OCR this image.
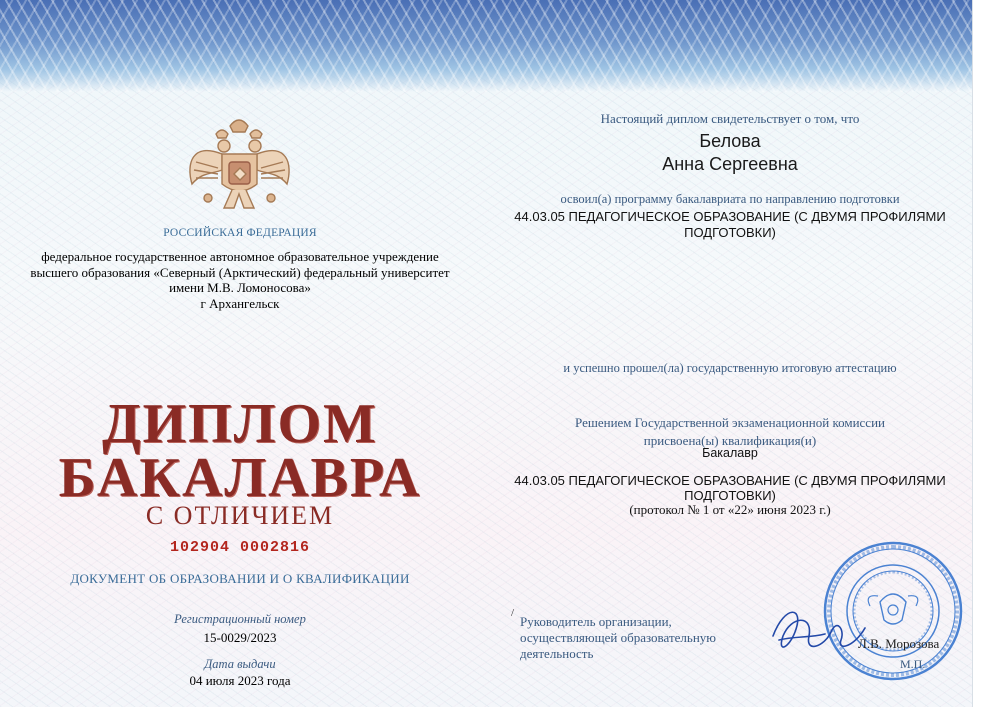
РОССИЙСКАЯ ФЕДЕРАЦИЯ
федеральное государственное автономное образовательное учреждение
высшего образования «Северный (Арктический) федеральный университет
имени М.В. Ломоносова»
г Архангельск
ДИПЛОМ
БАКАЛАВРА
С ОТЛИЧИЕМ
102904 0002816
ДОКУМЕНТ ОБ ОБРАЗОВАНИИ И О КВАЛИФИКАЦИИ
Регистрационный номер
15-0029/2023
Дата выдачи
04 июля 2023 года
Настоящий диплом свидетельствует о том, что
Белова
Анна Сергеевна
освоил(а) программу бакалавриата по направлению подготовки
44.03.05 ПЕДАГОГИЧЕСКОЕ ОБРАЗОВАНИЕ (С ДВУМЯ ПРОФИЛЯМИ
ПОДГОТОВКИ)
и успешно прошел(ла) государственную итоговую аттестацию
Решением Государственной экзаменационной комиссии
присвоена(ы) квалификация(и)
Бакалавр
44.03.05 ПЕДАГОГИЧЕСКОЕ ОБРАЗОВАНИЕ (С ДВУМЯ ПРОФИЛЯМИ
ПОДГОТОВКИ)
(протокол № 1 от «22» июня 2023 г.)
/
Руководитель организации,
осуществляющей образовательную
деятельность
Л.В. Морозова
М.П.
